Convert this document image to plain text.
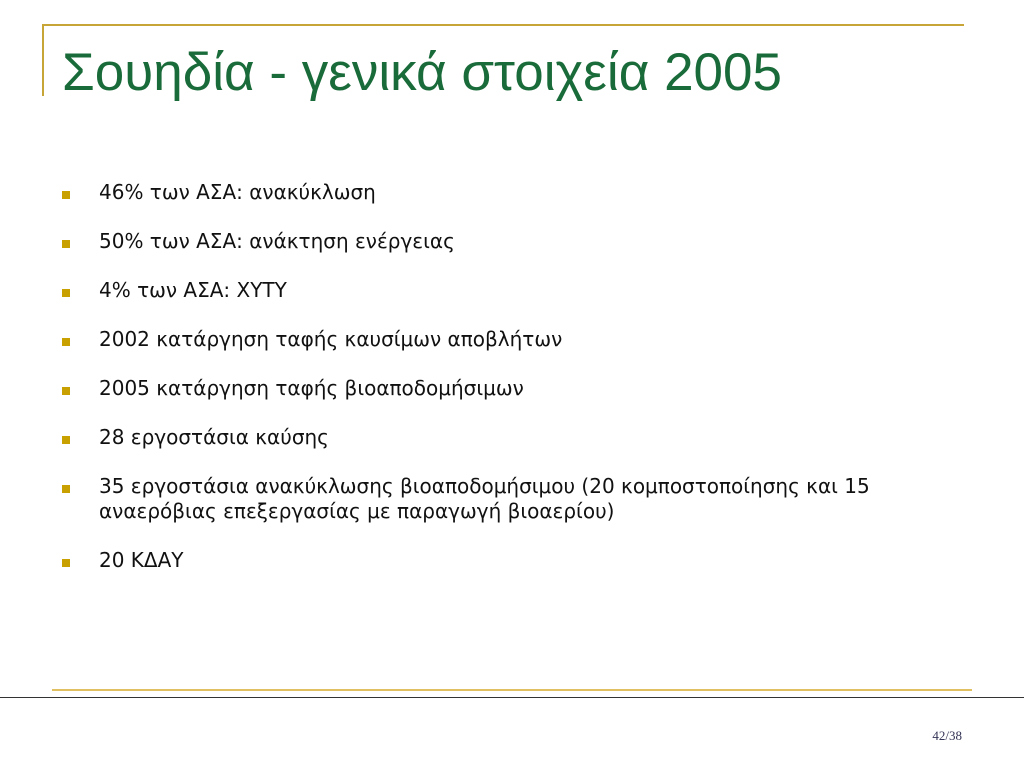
Σουηδία - γενικά στοιχεία 2005
46% των ΑΣΑ: ανακύκλωση
50% των ΑΣΑ: ανάκτηση ενέργειας
4% των ΑΣΑ: ΧΥΤΥ
2002 κατάργηση ταφής καυσίμων αποβλήτων
2005 κατάργηση ταφής βιοαποδομήσιμων
28 εργοστάσια καύσης
35 εργοστάσια ανακύκλωσης βιοαποδομήσιμου (20 κομποστοποίησης και 15 αναερόβιας επεξεργασίας με παραγωγή βιοαερίου)
20 ΚΔΑΥ
42/38
